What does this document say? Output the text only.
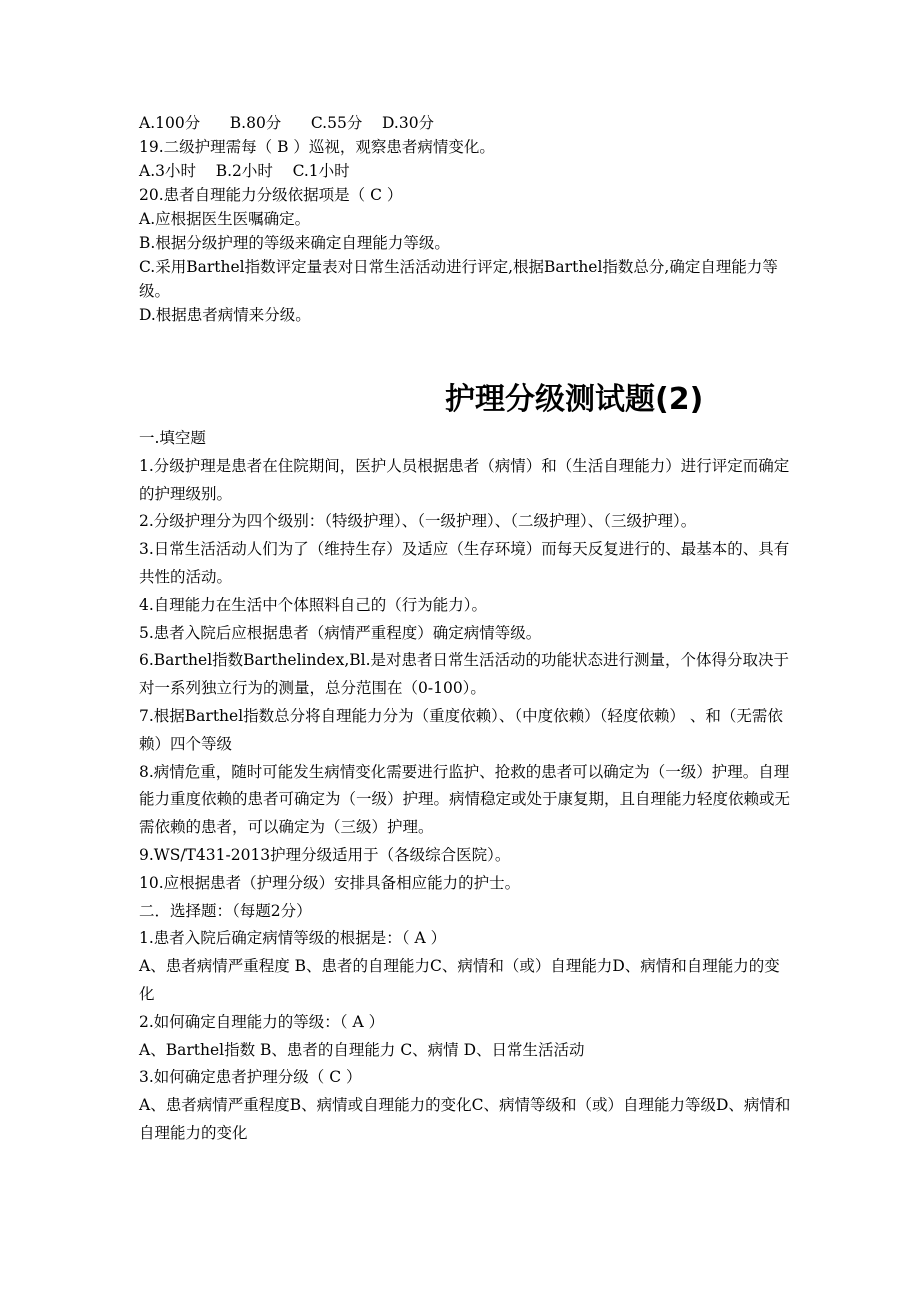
A.100分      B.80分      C.55分    D.30分

19.二级护理需每（ B ）巡视，观察患者病情变化。

A.3小时    B.2小时    C.1小时

20.患者自理能力分级依据项是（ C ）

A.应根据医生医嘱确定。

B.根据分级护理的等级来确定自理能力等级。

C.采用Barthel指数评定量表对日常生活活动进行评定,根据Barthel指数总分,确定自理能力等级。

D.根据患者病情来分级。

护理分级测试题(2)

一.填空题

1.分级护理是患者在住院期间，医护人员根据患者（病情）和（生活自理能力）进行评定而确定的护理级别。

2.分级护理分为四个级别：（特级护理）、（一级护理）、（二级护理）、（三级护理）。

3.日常生活活动人们为了（维持生存）及适应（生存环境）而每天反复进行的、最基本的、具有共性的活动。

4.自理能力在生活中个体照料自己的（行为能力）。

5.患者入院后应根据患者（病情严重程度）确定病情等级。

6.Barthel指数Barthelindex,Bl.是对患者日常生活活动的功能状态进行测量，个体得分取决于对一系列独立行为的测量，总分范围在（0-100）。

7.根据Barthel指数总分将自理能力分为（重度依赖）、（中度依赖）（轻度依赖） 、和（无需依赖）四个等级

8.病情危重，随时可能发生病情变化需要进行监护、抢救的患者可以确定为（一级）护理。自理能力重度依赖的患者可确定为（一级）护理。病情稳定或处于康复期，且自理能力轻度依赖或无需依赖的患者，可以确定为（三级）护理。

9.WS/T431-2013护理分级适用于（各级综合医院）。

10.应根据患者（护理分级）安排具备相应能力的护士。

二．选择题：（每题2分）

1.患者入院后确定病情等级的根据是：（ A ）

A、患者病情严重程度 B、患者的自理能力C、病情和（或）自理能力D、病情和自理能力的变化

2.如何确定自理能力的等级：（ A ）

A、Barthel指数 B、患者的自理能力 C、病情 D、日常生活活动

3.如何确定患者护理分级（ C ）

A、患者病情严重程度B、病情或自理能力的变化C、病情等级和（或）自理能力等级D、病情和自理能力的变化
